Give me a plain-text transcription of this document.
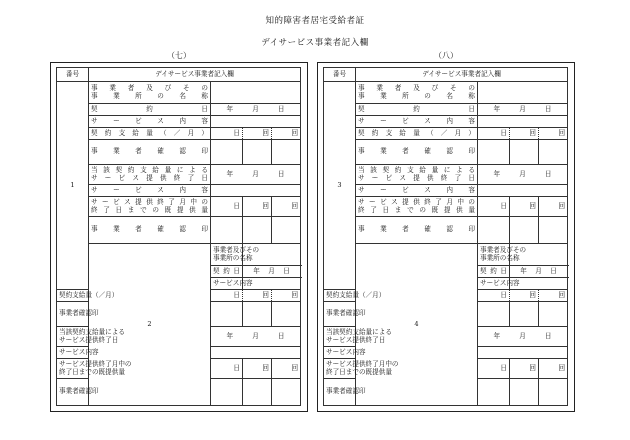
知的障害者居宅受給者証
デイサービス事業者記入欄
（七）
番号	デイサービス事業者記入欄			
1	事業者及びその
事業所の名称			

	契約日	年 月 日		

	サービス内容			
	契約支給量（／月）	日	回	回
	事業者確認印			

	当該契約支給量による
サービス提供終了日	年 月 日		

	サービス内容			

	サービス提供終了月中の
終了日までの既提供量	日	回	回
	事業者確認印			
	2	事業者及びその
事業所の名称		

		契約日	年 月 日	

		サービス内容		
契約支給量（／月）		日	回	回
事業者確認印				

当該契約支給量による
サービス提供終了日		年 月 日		

サービス内容				

サービス提供終了月中の
終了日までの既提供量		日	回	回
事業者確認印				
（八）
番号	デイサービス事業者記入欄			
3	事業者及びその
事業所の名称			

	契約日	年 月 日		

	サービス内容			
	契約支給量（／月）	日	回	回
	事業者確認印			

	当該契約支給量による
サービス提供終了日	年 月 日		

	サービス内容			

	サービス提供終了月中の
終了日までの既提供量	日	回	回
	事業者確認印			
	4	事業者及びその
事業所の名称		

		契約日	年 月 日	

		サービス内容		
契約支給量（／月）		日	回	回
事業者確認印				

当該契約支給量による
サービス提供終了日		年 月 日		

サービス内容				

サービス提供終了月中の
終了日までの既提供量		日	回	回
事業者確認印				
